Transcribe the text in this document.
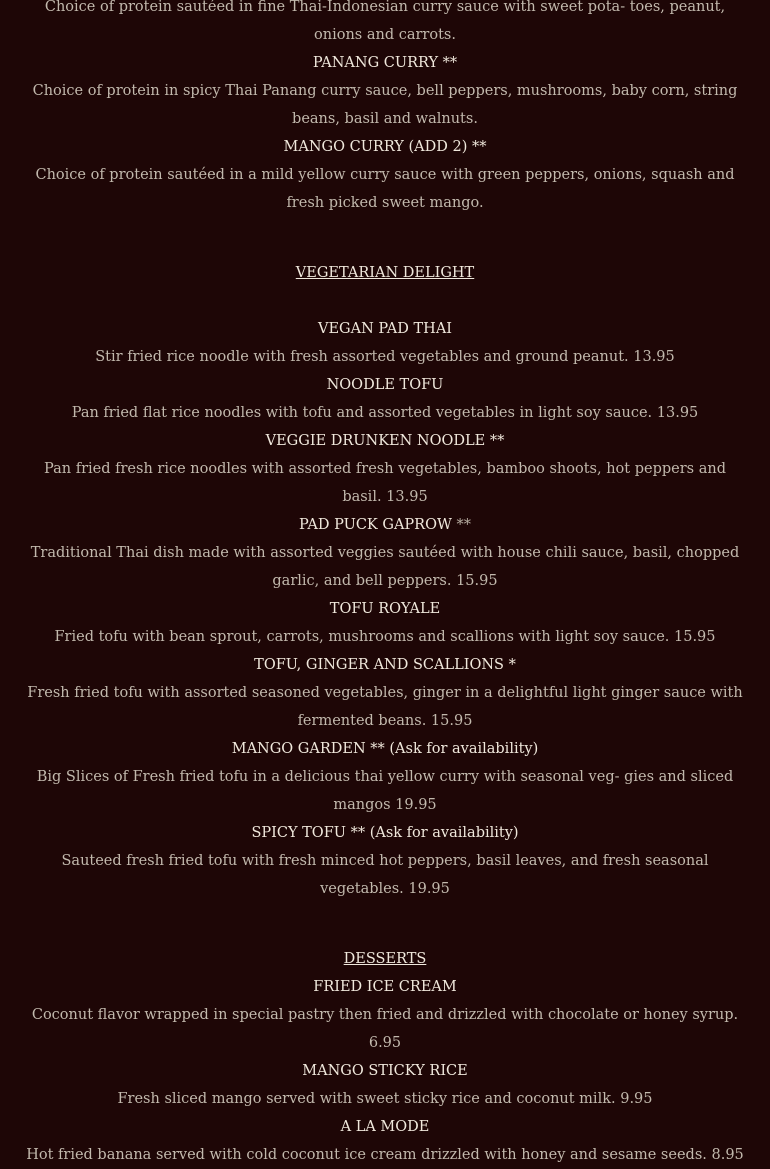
Choice of protein sautéed in fine Thai-Indonesian curry sauce with sweet pota- toes, peanut, onions and carrots.

PANANG CURRY **

Choice of protein in spicy Thai Panang curry sauce, bell peppers, mushrooms, baby corn, string beans, basil and walnuts.

MANGO CURRY (ADD 2) **

Choice of protein sautéed in a mild yellow curry sauce with green peppers, onions, squash and fresh picked sweet mango.

VEGETARIAN DELIGHT

VEGAN PAD THAI

Stir fried rice noodle with fresh assorted vegetables and ground peanut. 13.95

NOODLE TOFU

Pan fried flat rice noodles with tofu and assorted vegetables in light soy sauce. 13.95

VEGGIE DRUNKEN NOODLE **

Pan fried fresh rice noodles with assorted fresh vegetables, bamboo shoots, hot peppers and basil. 13.95

PAD PUCK GAPROW **

Traditional Thai dish made with assorted veggies sautéed with house chili sauce, basil, chopped garlic, and bell peppers. 15.95

TOFU ROYALE

Fried tofu with bean sprout, carrots, mushrooms and scallions with light soy sauce. 15.95

TOFU, GINGER AND SCALLIONS *

Fresh fried tofu with assorted seasoned vegetables, ginger in a delightful light ginger sauce with fermented beans. 15.95

MANGO GARDEN ** (Ask for availability)

Big Slices of Fresh fried tofu in a delicious thai yellow curry with seasonal veg- gies and sliced mangos 19.95

SPICY TOFU ** (Ask for availability)

Sauteed fresh fried tofu with fresh minced hot peppers, basil leaves, and fresh seasonal vegetables. 19.95

DESSERTS

FRIED ICE CREAM

Coconut flavor wrapped in special pastry then fried and drizzled with chocolate or honey syrup. 6.95

MANGO STICKY RICE

Fresh sliced mango served with sweet sticky rice and coconut milk. 9.95

A LA MODE

Hot fried banana served with cold coconut ice cream drizzled with honey and sesame seeds. 8.95
